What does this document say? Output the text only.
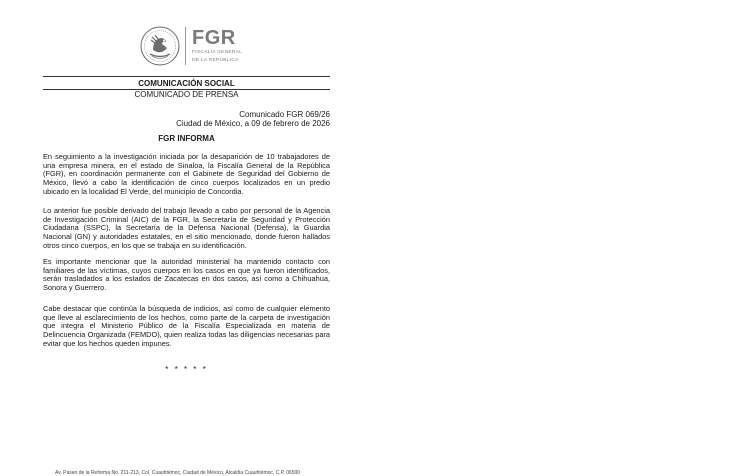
FGR
FISCALÍA GENERAL
DE LA REPÚBLICA
COMUNICACIÓN SOCIAL
COMUNICADO DE PRENSA
Comunicado FGR 069/26
Ciudad de México, a 09 de febrero de 2026
FGR INFORMA

En seguimiento a la investigación iniciada por la desaparición de 10 trabajadores de una empresa minera, en el estado de Sinaloa, la Fiscalía General de la República (FGR), en coordinación permanente con el Gabinete de Seguridad del Gobierno de México, llevó a cabo la identificación de cinco cuerpos localizados en un predio ubicado en la localidad El Verde, del municipio de Concordia.

Lo anterior fue posible derivado del trabajo llevado a cabo por personal de la Agencia de Investigación Criminal (AIC) de la FGR, la Secretaría de Seguridad y Protección Ciudadana (SSPC), la Secretaría de la Defensa Nacional (Defensa), la Guardia Nacional (GN) y autoridades estatales, en el sitio mencionado, donde fueron hallados otros cinco cuerpos, en los que se trabaja en su identificación.

Es importante mencionar que la autoridad ministerial ha mantenido contacto con familiares de las víctimas, cuyos cuerpos en los casos en que ya fueron identificados, serán trasladados a los estados de Zacatecas en dos casos, así como a Chihuahua, Sonora y Guerrero.

Cabe destacar que continúa la búsqueda de indicios, así como de cualquier elemento que lleve al esclarecimiento de los hechos, como parte de la carpeta de investigación que integra el Ministerio Público de la Fiscalía Especializada en materia de Delincuencia Organizada (FEMDO), quien realiza todas las diligencias necesarias para evitar que los hechos queden impunes.

* * * * *
Av. Paseo de la Reforma No. 211-213, Col. Cuauhtémoc, Ciudad de México, Alcaldía Cuauhtémoc, C.P. 06500
